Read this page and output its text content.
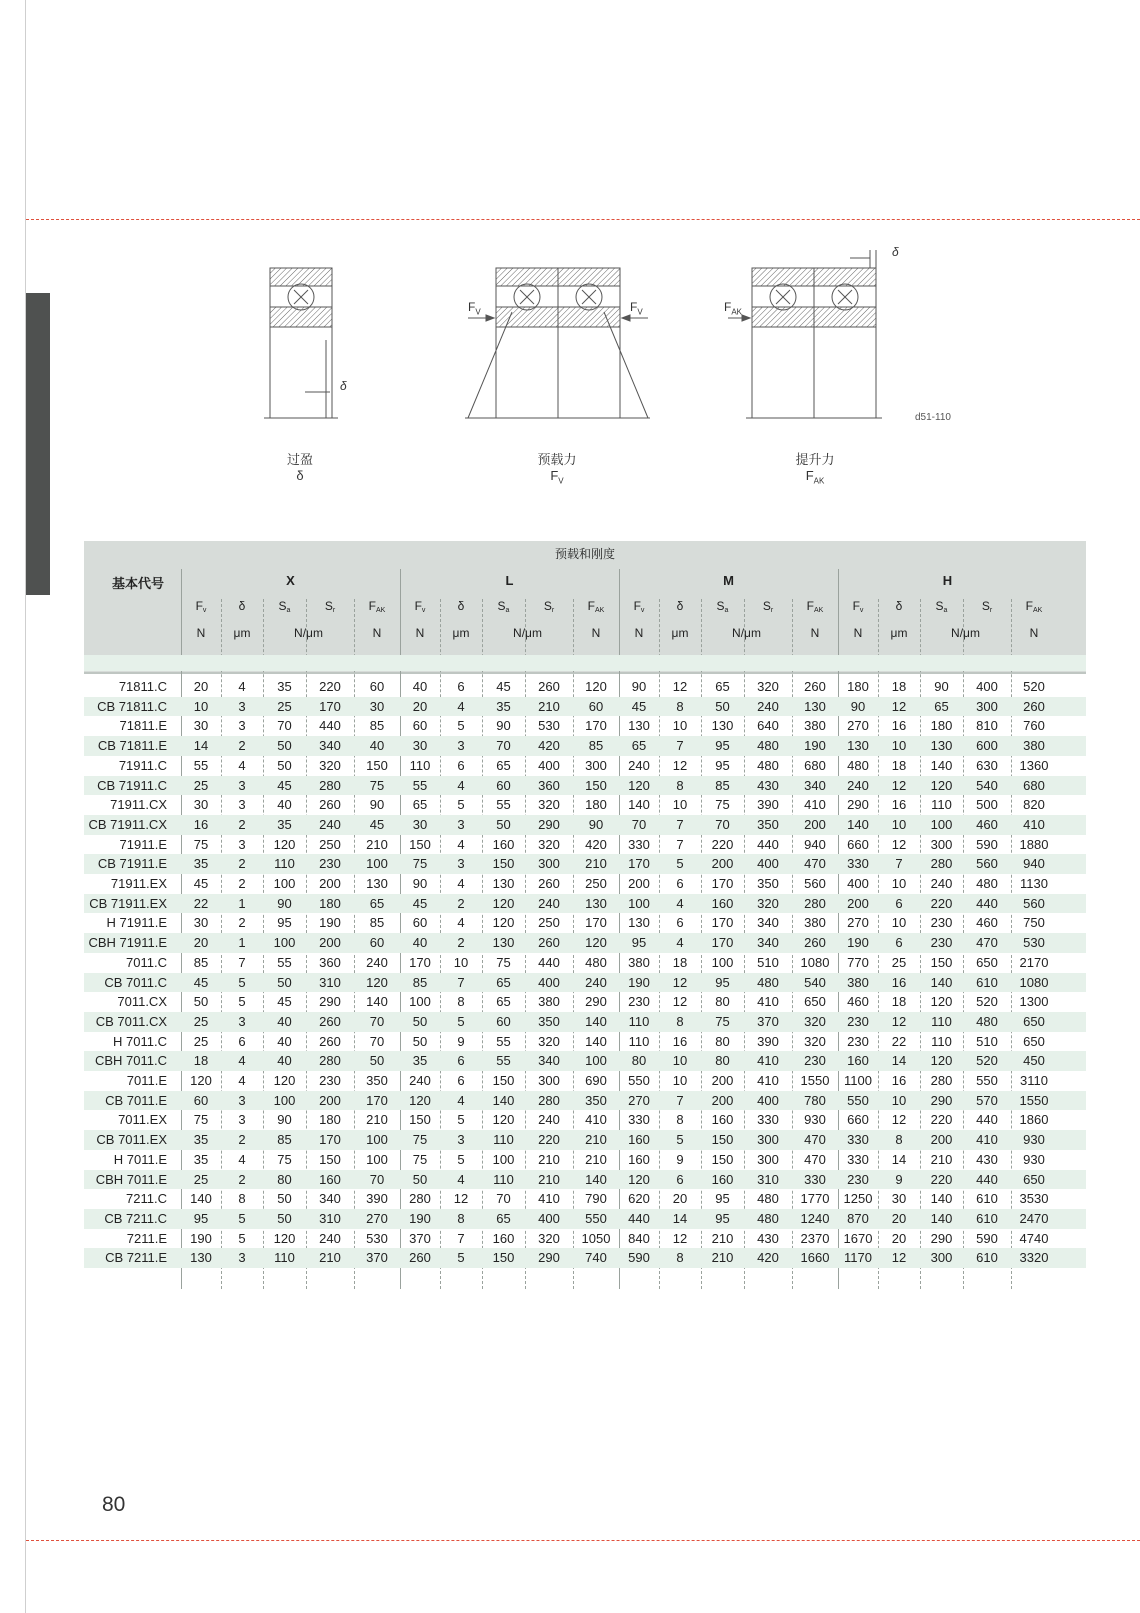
δ
δ
$F_V$	$F_V$	$F_{AK}$
过盈
δ
预载力
$F_V$
提升力
$F_{AK}$
d51-110
预载和刚度
基本代号	X
$F_v$	δ	$S_a$	$S_r$	$F_{AK}$
N	μm	N/μm	N
L
$F_v$	δ	$S_a$	$S_r$	$F_{AK}$
N	μm	N/μm	N
M
$F_v$	δ	$S_a$	$S_r$	$F_{AK}$
N	μm	N/μm	N
H
$F_v$	δ	$S_a$	$S_r$	$F_{AK}$
N	μm	N/μm	N
71811.C	20	4	35	220	60	40	6	45	260	120	90	12	65	320	260	180	18	90	400	520
CB 71811.C	10	3	25	170	30	20	4	35	210	60	45	8	50	240	130	90	12	65	300	260
71811.E	30	3	70	440	85	60	5	90	530	170	130	10	130	640	380	270	16	180	810	760
CB 71811.E	14	2	50	340	40	30	3	70	420	85	65	7	95	480	190	130	10	130	600	380
71911.C	55	4	50	320	150	110	6	65	400	300	240	12	95	480	680	480	18	140	630	1360
CB 71911.C	25	3	45	280	75	55	4	60	360	150	120	8	85	430	340	240	12	120	540	680
71911.CX	30	3	40	260	90	65	5	55	320	180	140	10	75	390	410	290	16	110	500	820
CB 71911.CX	16	2	35	240	45	30	3	50	290	90	70	7	70	350	200	140	10	100	460	410
71911.E	75	3	120	250	210	150	4	160	320	420	330	7	220	440	940	660	12	300	590	1880
CB 71911.E	35	2	110	230	100	75	3	150	300	210	170	5	200	400	470	330	7	280	560	940
71911.EX	45	2	100	200	130	90	4	130	260	250	200	6	170	350	560	400	10	240	480	1130
CB 71911.EX	22	1	90	180	65	45	2	120	240	130	100	4	160	320	280	200	6	220	440	560
H 71911.E	30	2	95	190	85	60	4	120	250	170	130	6	170	340	380	270	10	230	460	750
CBH 71911.E	20	1	100	200	60	40	2	130	260	120	95	4	170	340	260	190	6	230	470	530
7011.C	85	7	55	360	240	170	10	75	440	480	380	18	100	510	1080	770	25	150	650	2170
CB 7011.C	45	5	50	310	120	85	7	65	400	240	190	12	95	480	540	380	16	140	610	1080
7011.CX	50	5	45	290	140	100	8	65	380	290	230	12	80	410	650	460	18	120	520	1300
CB 7011.CX	25	3	40	260	70	50	5	60	350	140	110	8	75	370	320	230	12	110	480	650
H 7011.C	25	6	40	260	70	50	9	55	320	140	110	16	80	390	320	230	22	110	510	650
CBH 7011.C	18	4	40	280	50	35	6	55	340	100	80	10	80	410	230	160	14	120	520	450
7011.E	120	4	120	230	350	240	6	150	300	690	550	10	200	410	1550	1100	16	280	550	3110
CB 7011.E	60	3	100	200	170	120	4	140	280	350	270	7	200	400	780	550	10	290	570	1550
7011.EX	75	3	90	180	210	150	5	120	240	410	330	8	160	330	930	660	12	220	440	1860
CB 7011.EX	35	2	85	170	100	75	3	110	220	210	160	5	150	300	470	330	8	200	410	930
H 7011.E	35	4	75	150	100	75	5	100	210	210	160	9	150	300	470	330	14	210	430	930
CBH 7011.E	25	2	80	160	70	50	4	110	210	140	120	6	160	310	330	230	9	220	440	650
7211.C	140	8	50	340	390	280	12	70	410	790	620	20	95	480	1770	1250	30	140	610	3530
CB 7211.C	95	5	50	310	270	190	8	65	400	550	440	14	95	480	1240	870	20	140	610	2470
7211.E	190	5	120	240	530	370	7	160	320	1050	840	12	210	430	2370	1670	20	290	590	4740
CB 7211.E	130	3	110	210	370	260	5	150	290	740	590	8	210	420	1660	1170	12	300	610	3320
80
